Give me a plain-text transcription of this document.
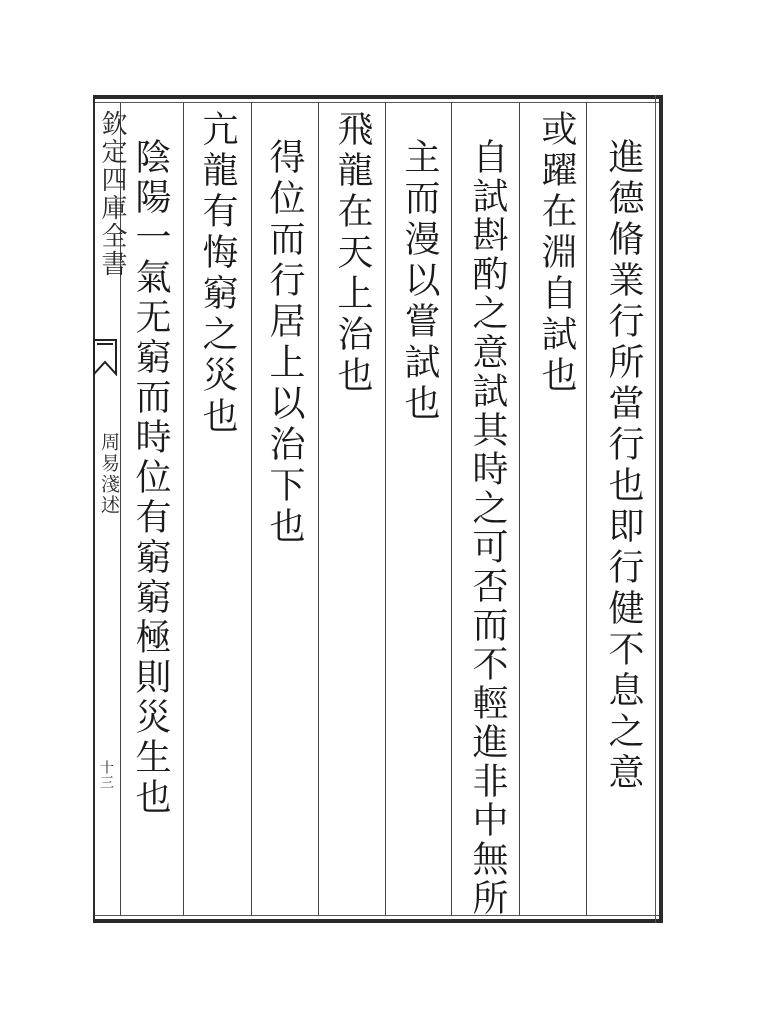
欽定四庫全書
周易淺述
十三	進德脩業行所當行也即行健不息之意
或躍在淵自試也
自試斟酌之意試其時之可否而不輕進非中無所
主而漫以嘗試也
飛龍在天上治也
得位而行居上以治下也
亢龍有悔窮之災也
陰陽一氣无窮而時位有窮窮極則災生也
